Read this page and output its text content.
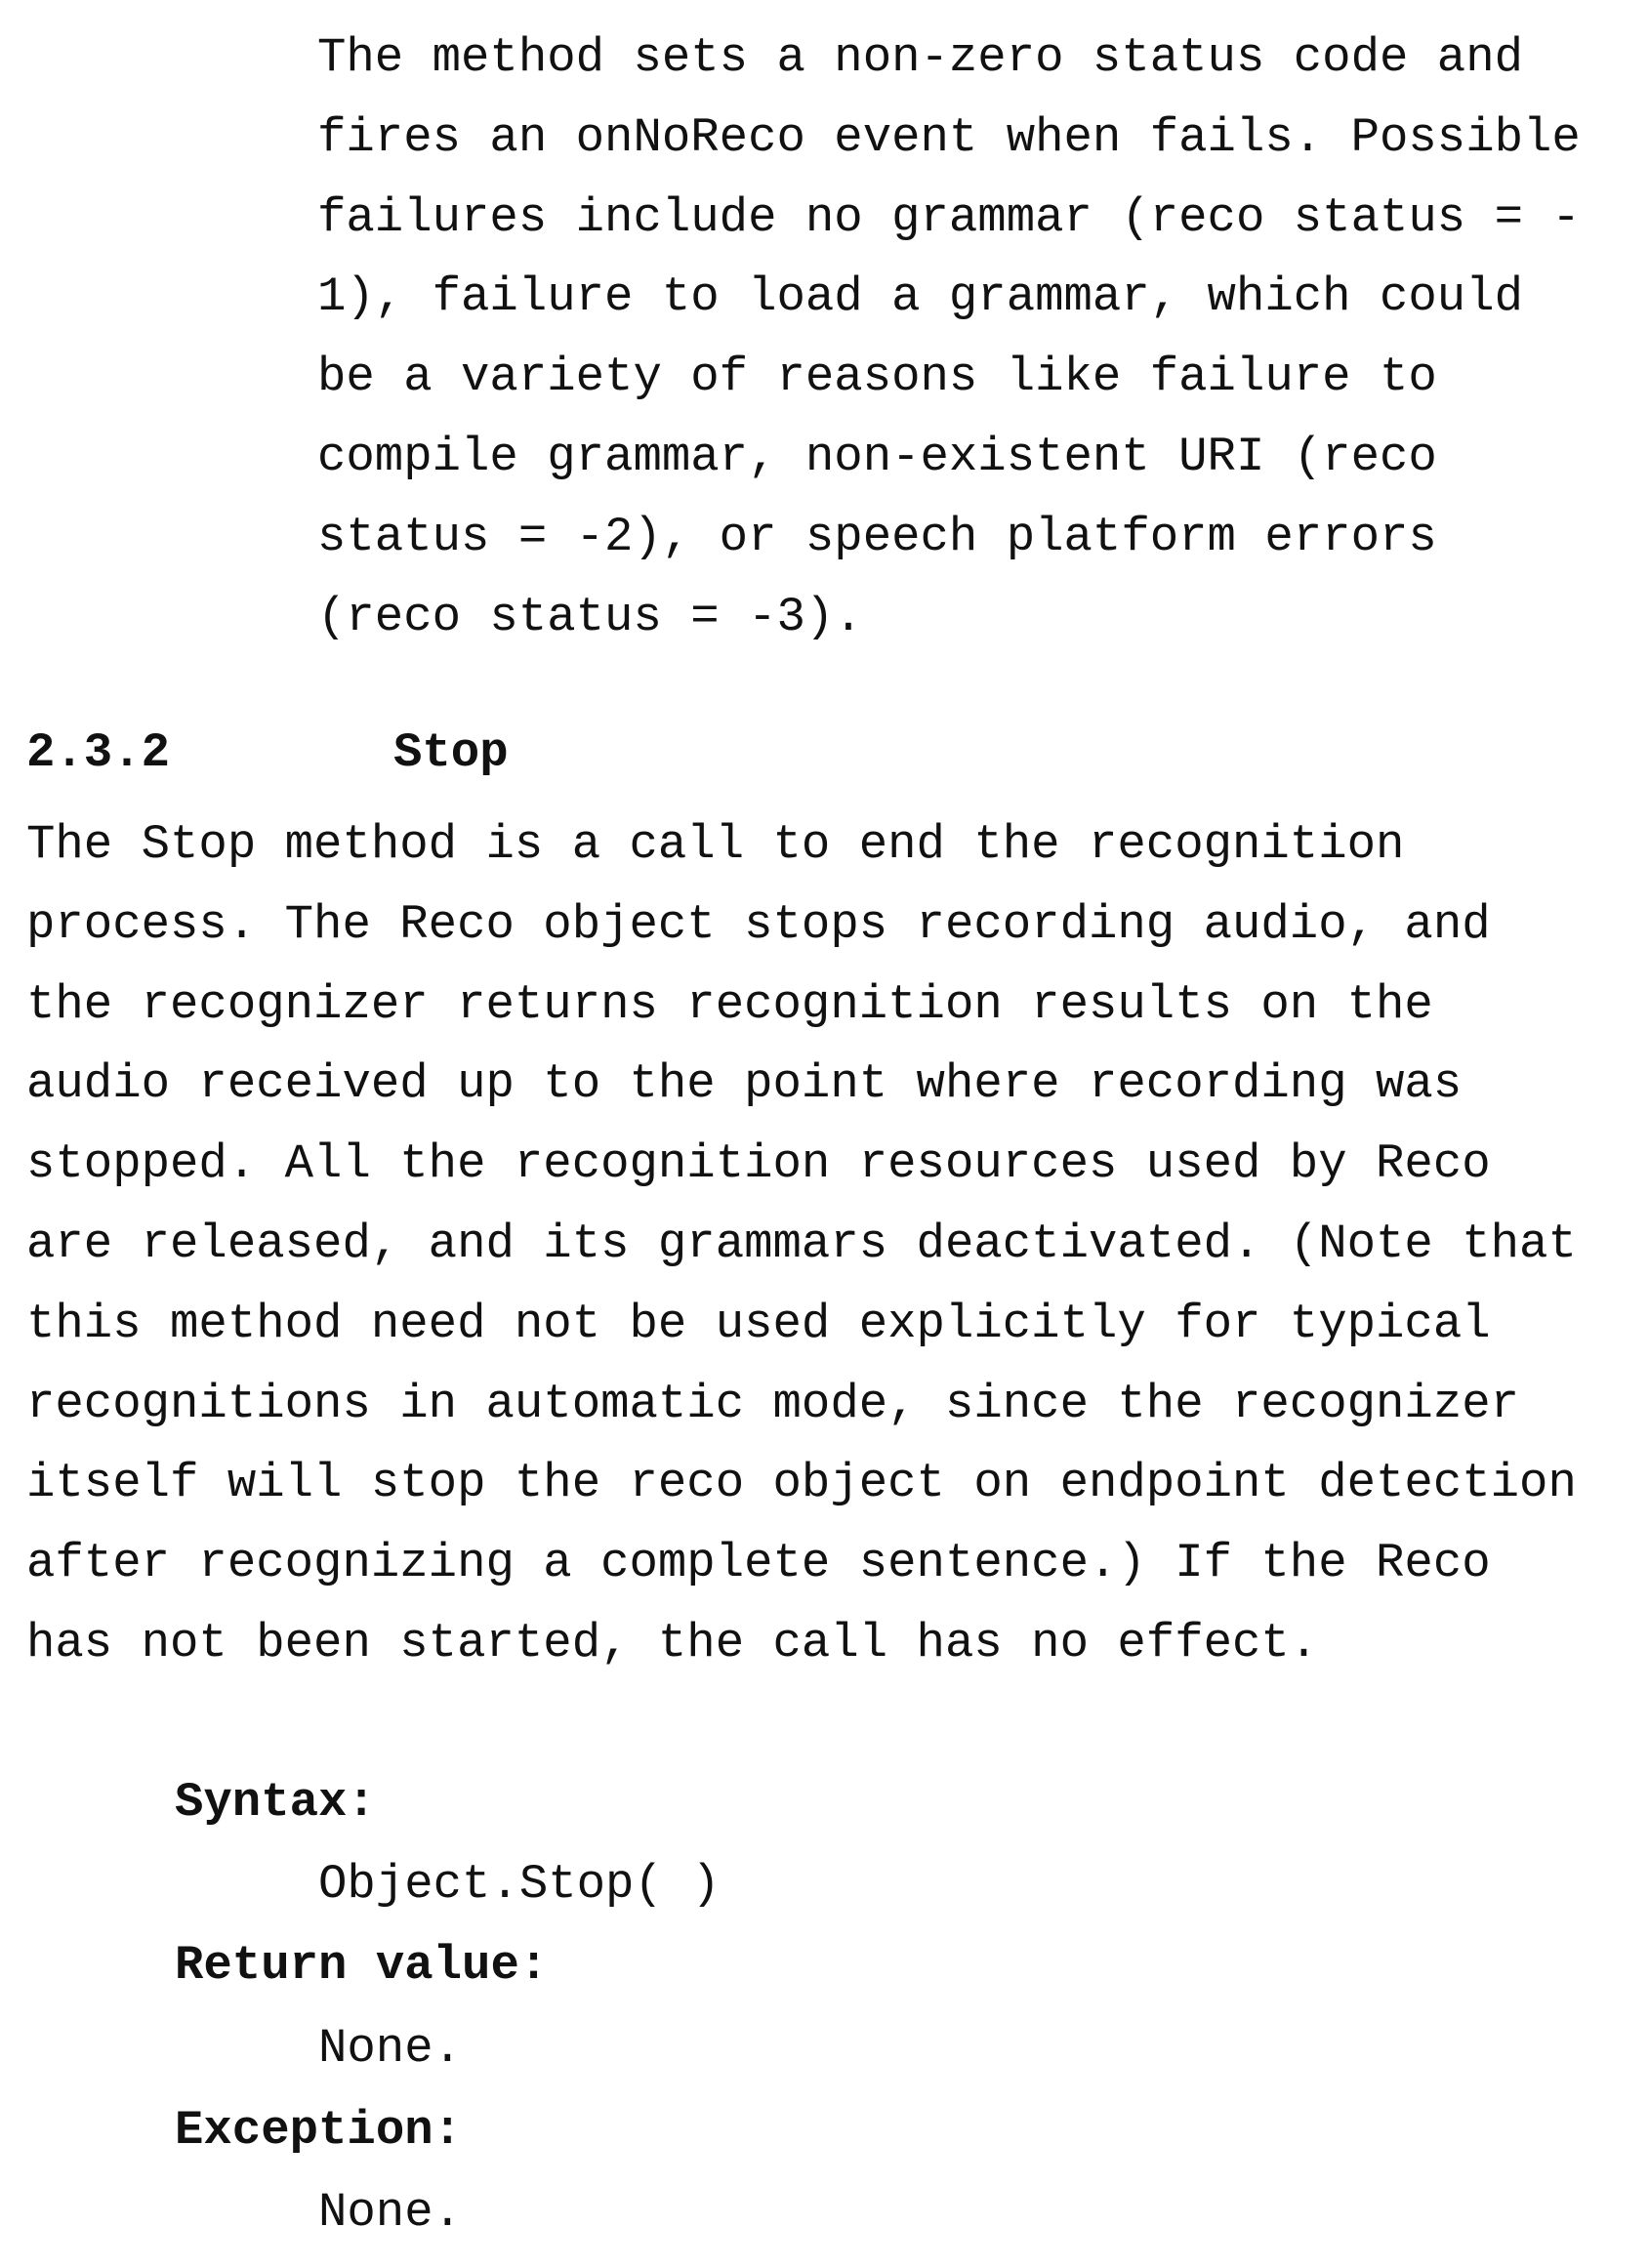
The method sets a non-zero status code and
fires an onNoReco event when fails. Possible
failures include no grammar (reco status = -
1), failure to load a grammar, which could
be a variety of reasons like failure to
compile grammar, non-existent URI (reco
status = -2), or speech platform errors
(reco status = -3).
2.3.2	Stop
The Stop method is a call to end the recognition
process. The Reco object stops recording audio, and
the recognizer returns recognition results on the
audio received up to the point where recording was
stopped. All the recognition resources used by Reco
are released, and its grammars deactivated. (Note that
this method need not be used explicitly for typical
recognitions in automatic mode, since the recognizer
itself will stop the reco object on endpoint detection
after recognizing a complete sentence.) If the Reco
has not been started, the call has no effect.
Syntax:
Object.Stop( )
Return value:
None.
Exception:
None.
